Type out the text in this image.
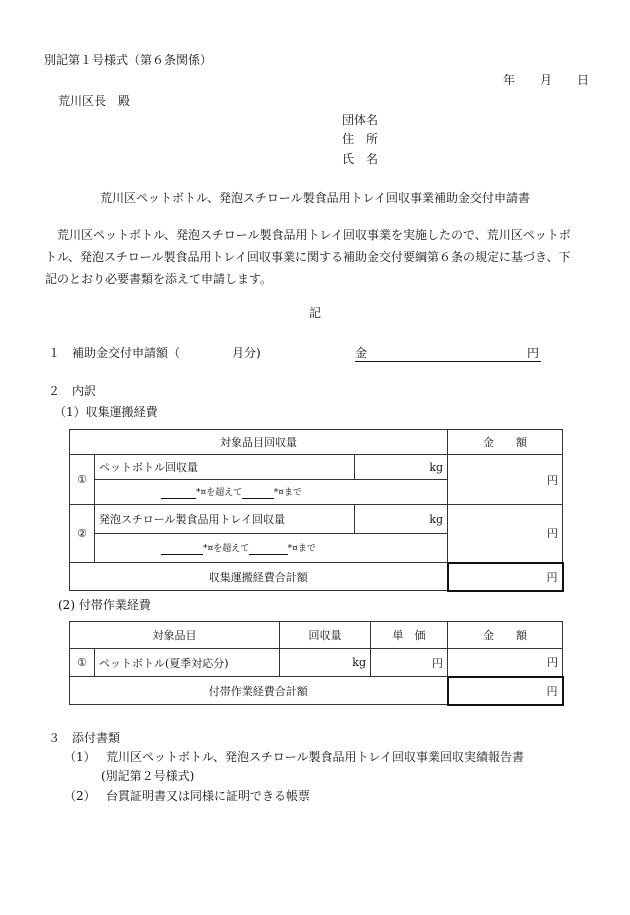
別記第１号様式（第６条関係）
年 月 日
荒川区長　殿
団体名
住　所
氏　名
荒川区ペットボトル、発泡スチロール製食品用トレイ回収事業補助金交付申請書
荒川区ペットボトル、発泡スチロール製食品用トレイ回収事業を実施したので、荒川区ペットボ
トル、発泡スチロール製食品用トレイ回収事業に関する補助金交付要綱第６条の規定に基づき、下
記のとおり必要書類を添えて申請します。
記
１　補助金交付申請額（	月分)	金	円
２　内訳
（1）収集運搬経費
対象品目回収量			金　　額
①	ペットボトル回収量	kg	円
	*¤を超えて *¤まで		
②	発泡スチロール製食品用トレイ回収量	kg	円
	*¤を超えて *¤まで		
収集運搬経費合計額			円
(2) 付帯作業経費
対象品目		回収量	単　価	金　　額
①	ペットボトル(夏季対応分)	kg	円	円
付帯作業経費合計額				円
３　添付書類
（1） 荒川区ペットボトル、発泡スチロール製食品用トレイ回収事業回収実績報告書
(別記第２号様式)
（2） 台貫証明書又は同様に証明できる帳票
